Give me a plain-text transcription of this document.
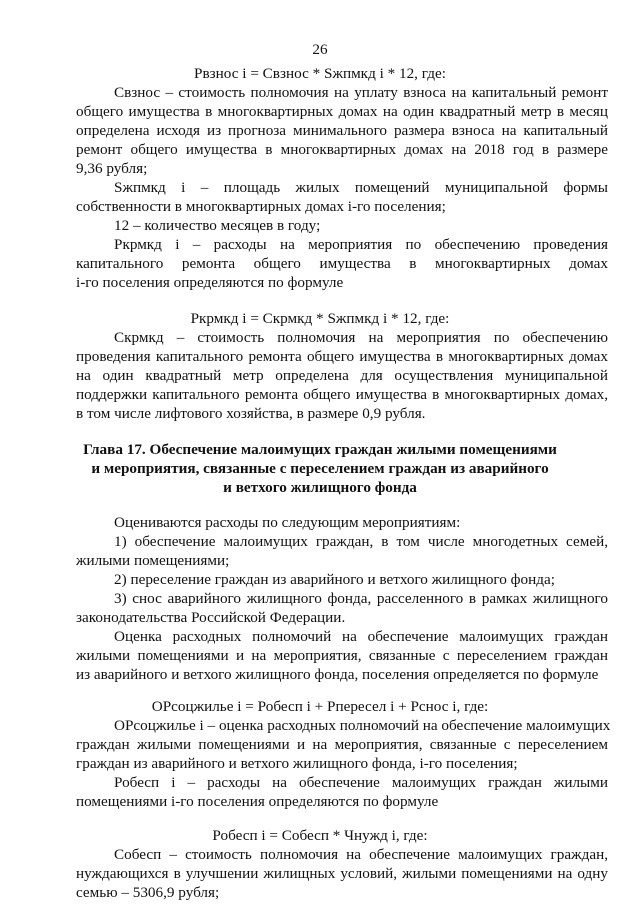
26
Рвзнос i = Свзнос * Sжпмкд i * 12, где:
Свзнос – стоимость полномочия на уплату взноса на капитальный ремонт
общего имущества в многоквартирных домах на один квадратный метр в месяц
определена исходя из прогноза минимального размера взноса на капитальный
ремонт общего имущества в многоквартирных домах на 2018 год в размере
9,36 рубля;
Sжпмкд i – площадь жилых помещений муниципальной формы
собственности в многоквартирных домах i-го поселения;
12 – количество месяцев в году;
Ркрмкд i – расходы на мероприятия по обеспечению проведения
капитального ремонта общего имущества в многоквартирных домах
i-го поселения определяются по формуле
Ркрмкд i = Скрмкд * Sжпмкд i * 12, где:
Скрмкд – стоимость полномочия на мероприятия по обеспечению
проведения капитального ремонта общего имущества в многоквартирных домах
на один квадратный метр определена для осуществления муниципальной
поддержки капитального ремонта общего имущества в многоквартирных домах,
в том числе лифтового хозяйства, в размере 0,9 рубля.
Глава 17. Обеспечение малоимущих граждан жилыми помещениями
и мероприятия, связанные с переселением граждан из аварийного
и ветхого жилищного фонда
Оцениваются расходы по следующим мероприятиям:
1) обеспечение малоимущих граждан, в том числе многодетных семей,
жилыми помещениями;
2) переселение граждан из аварийного и ветхого жилищного фонда;
3) снос аварийного жилищного фонда, расселенного в рамках жилищного
законодательства Российской Федерации.
Оценка расходных полномочий на обеспечение малоимущих граждан
жилыми помещениями и на мероприятия, связанные с переселением граждан
из аварийного и ветхого жилищного фонда, поселения определяется по формуле
ОРсоцжилье i = Робесп i + Рпересел i + Рснос i, где:
ОРсоцжилье i – оценка расходных полномочий на обеспечение малоимущих
граждан жилыми помещениями и на мероприятия, связанные с переселением
граждан из аварийного и ветхого жилищного фонда, i-го поселения;
Робесп i – расходы на обеспечение малоимущих граждан жилыми
помещениями i-го поселения определяются по формуле
Робесп i = Собесп * Чнужд i, где:
Собесп – стоимость полномочия на обеспечение малоимущих граждан,
нуждающихся в улучшении жилищных условий, жилыми помещениями на одну
семью – 5306,9 рубля;
